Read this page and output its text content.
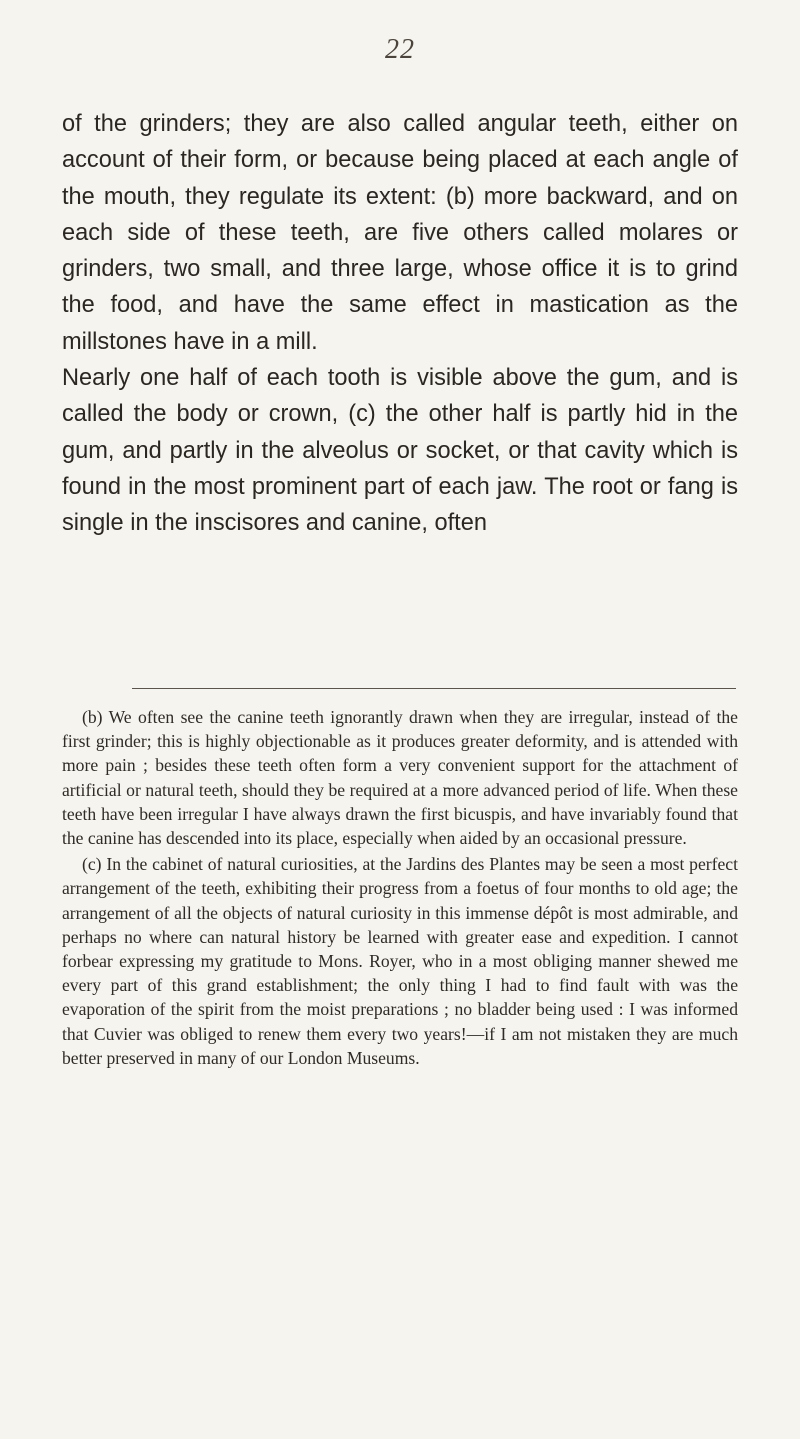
22

of the grinders; they are also called angular teeth, either on account of their form, or because being placed at each angle of the mouth, they regulate its extent: (b) more backward, and on each side of these teeth, are five others called molares or grinders, two small, and three large, whose office it is to grind the food, and have the same effect in mastication as the millstones have in a mill.

Nearly one half of each tooth is visible above the gum, and is called the body or crown, (c) the other half is partly hid in the gum, and partly in the alveolus or socket, or that cavity which is found in the most prominent part of each jaw. The root or fang is single in the inscisores and canine, often

(b) We often see the canine teeth ignorantly drawn when they are irregular, instead of the first grinder; this is highly objectionable as it produces greater deformity, and is attended with more pain ; besides these teeth often form a very convenient support for the attachment of artificial or natural teeth, should they be required at a more advanced period of life. When these teeth have been irregular I have always drawn the first bicuspis, and have invariably found that the canine has descended into its place, especially when aided by an occasional pressure.

(c) In the cabinet of natural curiosities, at the Jardins des Plantes may be seen a most perfect arrangement of the teeth, exhibiting their progress from a foetus of four months to old age; the arrangement of all the objects of natural curiosity in this immense dépôt is most admirable, and perhaps no where can natural history be learned with greater ease and expedition. I cannot forbear expressing my gratitude to Mons. Royer, who in a most obliging manner shewed me every part of this grand establishment; the only thing I had to find fault with was the evaporation of the spirit from the moist preparations ; no bladder being used : I was informed that Cuvier was obliged to renew them every two years!—if I am not mistaken they are much better preserved in many of our London Museums.
